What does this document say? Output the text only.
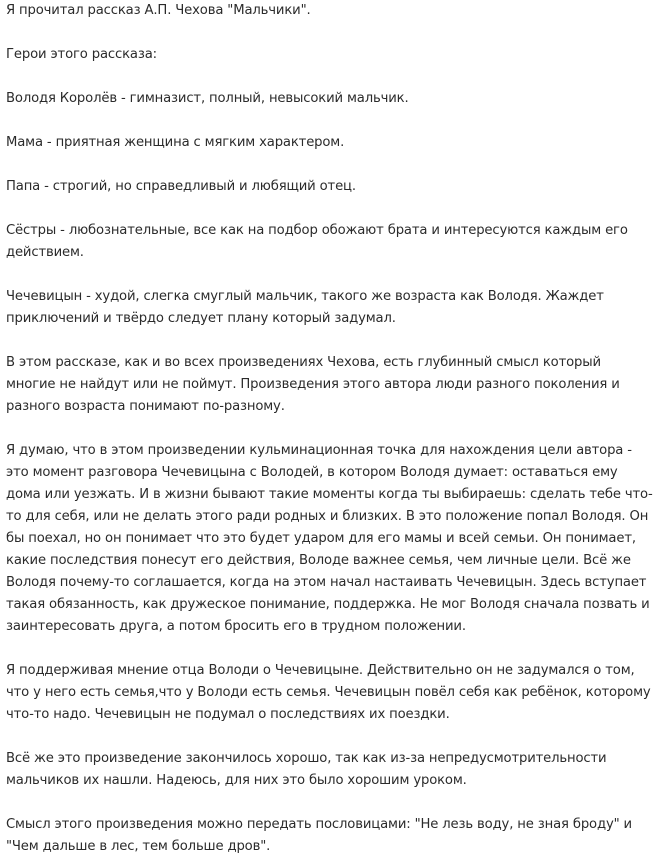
Я прочитал рассказ А.П. Чехова "Мальчики".

Герои этого рассказа:

Володя Королёв - гимназист, полный, невысокий мальчик.

Мама - приятная женщина с мягким характером.

Папа - строгий, но справедливый и любящий отец.

Сёстры - любознательные, все как на подбор обожают брата и интересуются каждым его действием.

Чечевицын - худой, слегка смуглый мальчик, такого же возраста как Володя. Жаждет приключений и твёрдо следует плану который задумал.

В этом рассказе, как и во всех произведениях Чехова, есть глубинный смысл который многие не найдут или не поймут. Произведения этого автора люди разного поколения и разного возраста понимают по-разному.

Я думаю, что в этом произведении кульминационная точка для нахождения цели автора - это момент разговора Чечевицына с Володей, в котором Володя думает: оставаться ему дома или уезжать. И в жизни бывают такие моменты когда ты выбираешь: сделать тебе что-то для себя, или не делать этого ради родных и близких. В это положение попал Володя. Он бы поехал, но он понимает что это будет ударом для его мамы и всей семьи. Он понимает, какие последствия понесут его действия, Володе важнее семья, чем личные цели. Всё же Володя почему-то соглашается, когда на этом начал настаивать Чечевицын. Здесь вступает такая обязанность, как дружеское понимание, поддержка. Не мог Володя сначала позвать и заинтересовать друга, а потом бросить его в трудном положении.

Я поддерживая мнение отца Володи о Чечевицыне. Действительно он не задумался о том, что у него есть семья,что у Володи есть семья. Чечевицын повёл себя как ребёнок, которому что-то надо. Чечевицын не подумал о последствиях их поездки.

Всё же это произведение закончилось хорошо, так как из-за непредусмотрительности мальчиков их нашли. Надеюсь, для них это было хорошим уроком.

Смысл этого произведения можно передать пословицами: "Не лезь воду, не зная броду" и "Чем дальше в лес, тем больше дров".
